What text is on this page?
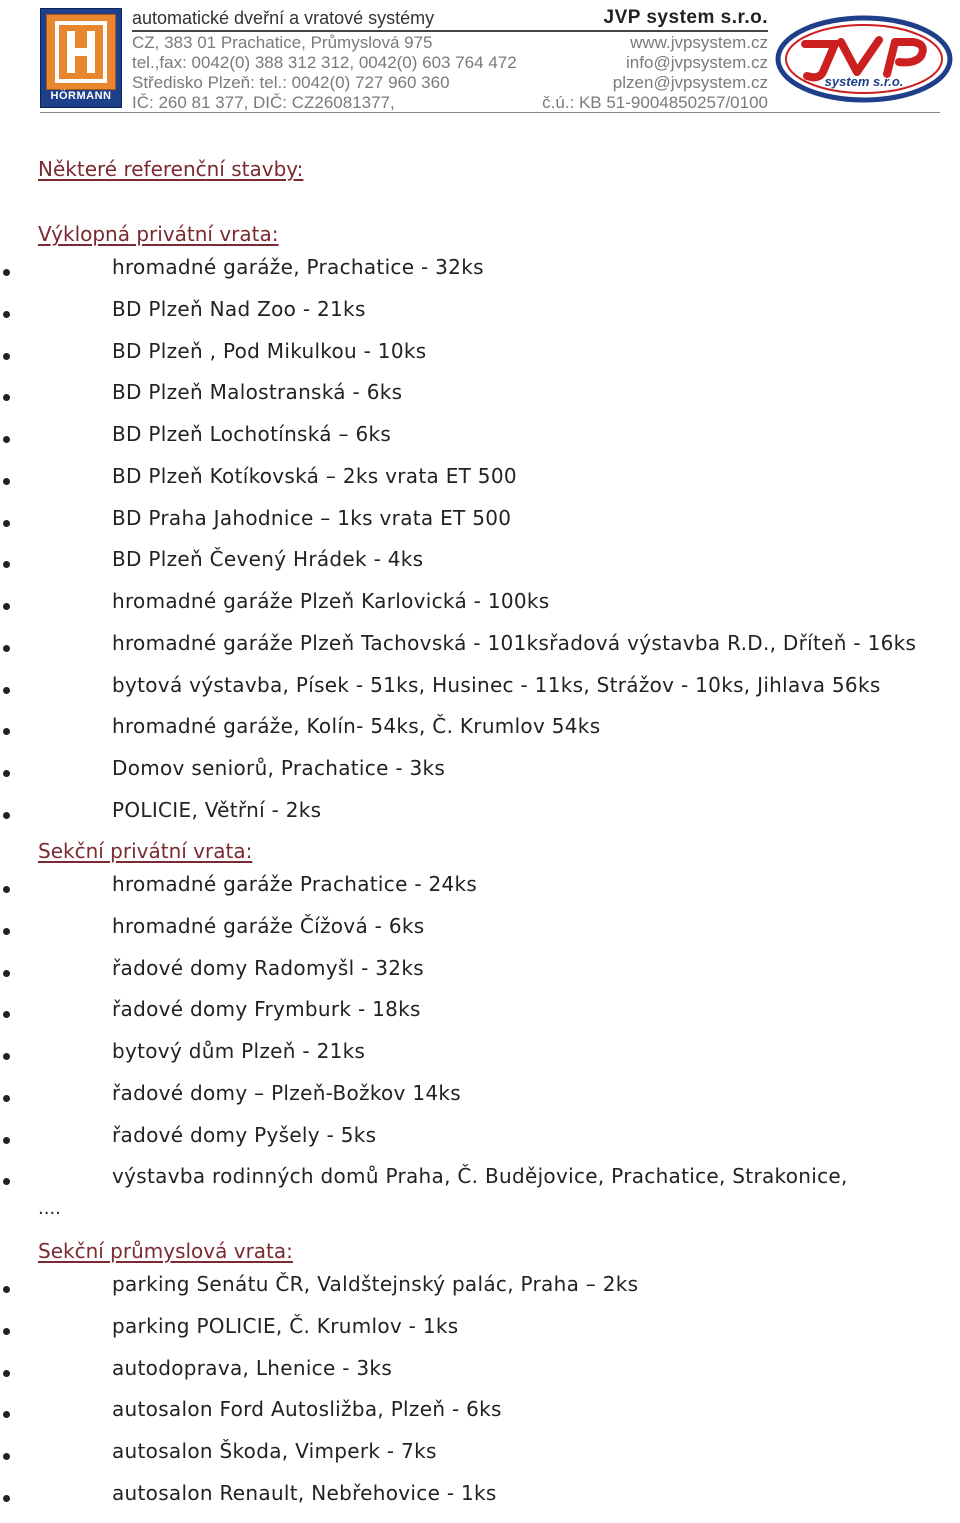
HÖRMANN
automatické dveřní a vratové systémy	JVP system s.r.o.
CZ, 383 01 Prachatice, Průmyslová 975	www.jvpsystem.cz
tel.,fax: 0042(0) 388 312 312, 0042(0) 603 764 472	info@jvpsystem.cz
Středisko Plzeň: tel.: 0042(0) 727 960 360	plzen@jvpsystem.cz
IČ: 260 81 377, DIČ: CZ26081377,	č.ú.: KB 51-9004850257/0100
system s.r.o.
Některé referenční stavby:
Výklopná privátní vrata:
hromadné garáže, Prachatice - 32ks
BD Plzeň Nad Zoo - 21ks
BD Plzeň , Pod Mikulkou - 10ks
BD Plzeň Malostranská - 6ks
BD Plzeň Lochotínská – 6ks
BD Plzeň Kotíkovská – 2ks vrata ET 500
BD Praha Jahodnice – 1ks vrata ET 500
BD Plzeň Čevený Hrádek - 4ks
hromadné garáže Plzeň Karlovická - 100ks
hromadné garáže Plzeň Tachovská - 101ksřadová výstavba R.D., Dříteň - 16ks
bytová výstavba, Písek - 51ks, Husinec - 11ks, Strážov - 10ks, Jihlava 56ks
hromadné garáže, Kolín- 54ks, Č. Krumlov 54ks
Domov seniorů, Prachatice - 3ks
POLICIE, Větřní - 2ks
Sekční privátní vrata:
hromadné garáže Prachatice - 24ks
hromadné garáže Čížová - 6ks
řadové domy Radomyšl - 32ks
řadové domy Frymburk - 18ks
bytový dům Plzeň - 21ks
řadové domy – Plzeň-Božkov 14ks
řadové domy Pyšely - 5ks
výstavba rodinných domů Praha, Č. Budějovice, Prachatice, Strakonice,
....
Sekční průmyslová vrata:
parking Senátu ČR, Valdštejnský palác, Praha – 2ks
parking POLICIE, Č. Krumlov - 1ks
autodoprava, Lhenice - 3ks
autosalon Ford Autosližba, Plzeň - 6ks
autosalon Škoda, Vimperk - 7ks
autosalon Renault, Nebřehovice - 1ks
